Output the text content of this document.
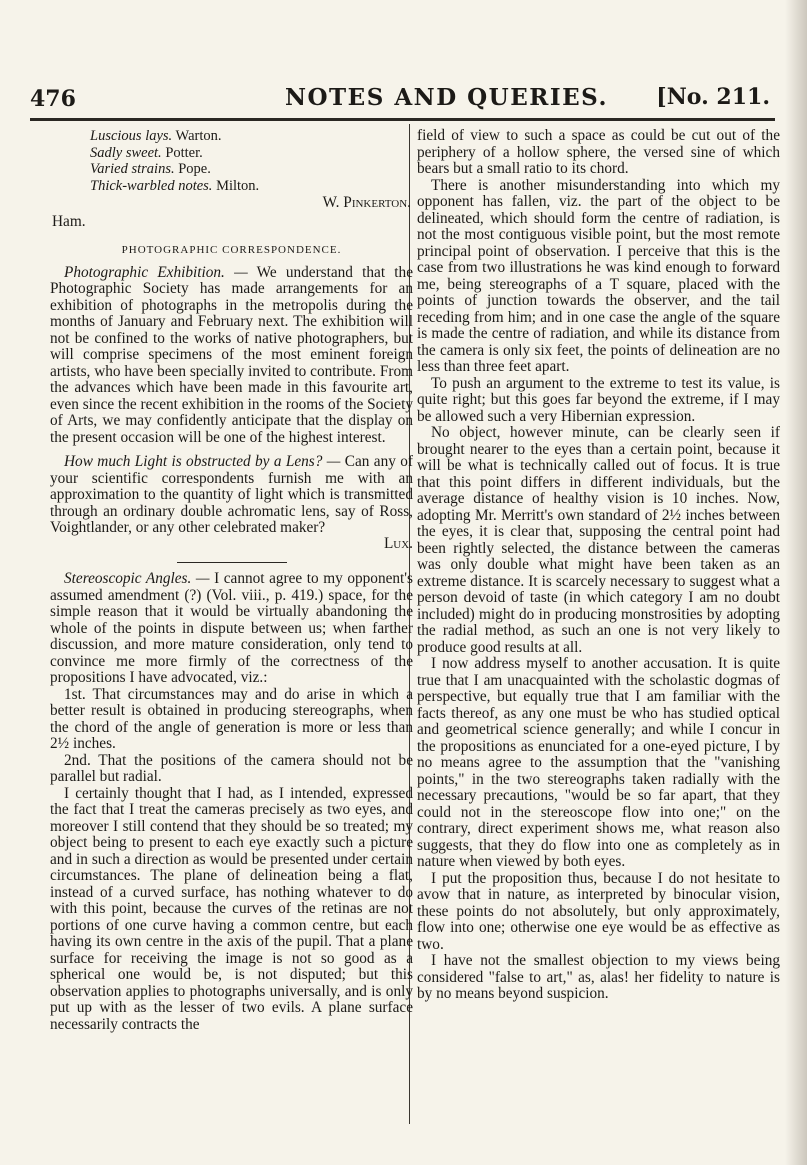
476	NOTES AND QUERIES. [No. 211.
Luscious lays. Warton.
Sadly sweet. Potter.
Varied strains. Pope.
Thick-warbled notes. Milton.
W. Pinkerton.
Ham.
PHOTOGRAPHIC CORRESPONDENCE.

Photographic Exhibition. — We understand that the Photographic Society has made arrangements for an exhibition of photographs in the metropolis during the months of January and February next. The exhibition will not be confined to the works of native photographers, but will comprise specimens of the most eminent foreign artists, who have been specially invited to contribute. From the advances which have been made in this favourite art, even since the recent exhibition in the rooms of the Society of Arts, we may confidently anticipate that the display on the present occasion will be one of the highest interest.

How much Light is obstructed by a Lens? — Can any of your scientific correspondents furnish me with an approximation to the quantity of light which is transmitted through an ordinary double achromatic lens, say of Ross, Voightlander, or any other celebrated maker?

Lux.

Stereoscopic Angles. — I cannot agree to my opponent's assumed amendment (?) (Vol. viii., p. 419.) space, for the simple reason that it would be virtually abandoning the whole of the points in dispute between us; when farther discussion, and more mature consideration, only tend to convince me more firmly of the correctness of the propositions I have advocated, viz.:

1st. That circumstances may and do arise in which a better result is obtained in producing stereographs, when the chord of the angle of generation is more or less than 2½ inches.

2nd. That the positions of the camera should not be parallel but radial.

I certainly thought that I had, as I intended, expressed the fact that I treat the cameras precisely as two eyes, and moreover I still contend that they should be so treated; my object being to present to each eye exactly such a picture and in such a direction as would be presented under certain circumstances. The plane of delineation being a flat, instead of a curved surface, has nothing whatever to do with this point, because the curves of the retinas are not portions of one curve having a common centre, but each having its own centre in the axis of the pupil. That a plane surface for receiving the image is not so good as a spherical one would be, is not disputed; but this observation applies to photographs universally, and is only put up with as the lesser of two evils. A plane surface necessarily contracts the

field of view to such a space as could be cut out of the periphery of a hollow sphere, the versed sine of which bears but a small ratio to its chord.

There is another misunderstanding into which my opponent has fallen, viz. the part of the object to be delineated, which should form the centre of radiation, is not the most contiguous visible point, but the most remote principal point of observation. I perceive that this is the case from two illustrations he was kind enough to forward me, being stereographs of a T square, placed with the points of junction towards the observer, and the tail receding from him; and in one case the angle of the square is made the centre of radiation, and while its distance from the camera is only six feet, the points of delineation are no less than three feet apart.

To push an argument to the extreme to test its value, is quite right; but this goes far beyond the extreme, if I may be allowed such a very Hibernian expression.

No object, however minute, can be clearly seen if brought nearer to the eyes than a certain point, because it will be what is technically called out of focus. It is true that this point differs in different individuals, but the average distance of healthy vision is 10 inches. Now, adopting Mr. Merritt's own standard of 2½ inches between the eyes, it is clear that, supposing the central point had been rightly selected, the distance between the cameras was only double what might have been taken as an extreme distance. It is scarcely necessary to suggest what a person devoid of taste (in which category I am no doubt included) might do in producing monstrosities by adopting the radial method, as such an one is not very likely to produce good results at all.

I now address myself to another accusation. It is quite true that I am unacquainted with the scholastic dogmas of perspective, but equally true that I am familiar with the facts thereof, as any one must be who has studied optical and geometrical science generally; and while I concur in the propositions as enunciated for a one-eyed picture, I by no means agree to the assumption that the "vanishing points," in the two stereographs taken radially with the necessary precautions, "would be so far apart, that they could not in the stereoscope flow into one;" on the contrary, direct experiment shows me, what reason also suggests, that they do flow into one as completely as in nature when viewed by both eyes.

I put the proposition thus, because I do not hesitate to avow that in nature, as interpreted by binocular vision, these points do not absolutely, but only approximately, flow into one; otherwise one eye would be as effective as two.

I have not the smallest objection to my views being considered "false to art," as, alas! her fidelity to nature is by no means beyond suspicion.
